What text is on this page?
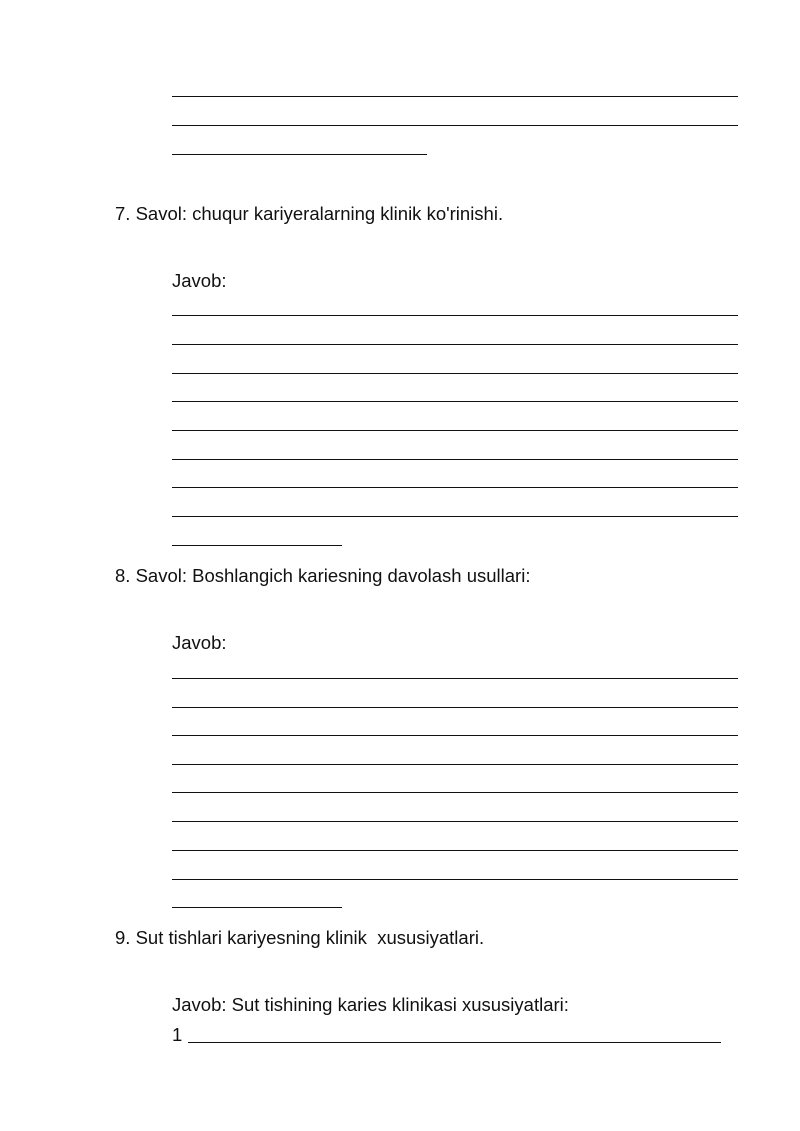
7. Savol: chuqur kariyeralarning klinik ko'rinishi.
Javob:
8. Savol: Boshlangich kariesning davolash usullari:
Javob:
9. Sut tishlari kariyesning klinik  xususiyatlari.
Javob: Sut tishining karies klinikasi xususiyatlari:
1
